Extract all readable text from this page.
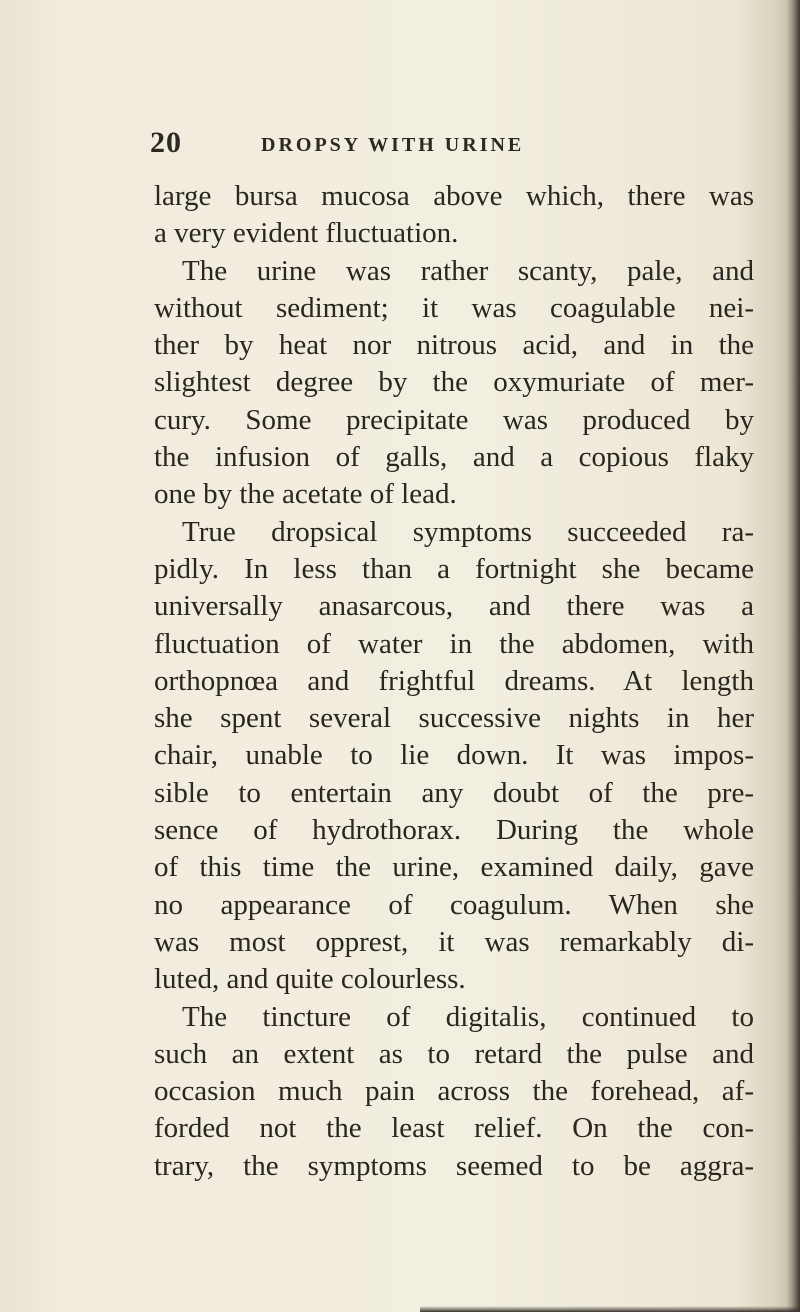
20	DROPSY WITH URINE
large bursa mucosa above which, there was
a very evident fluctuation.
The urine was rather scanty, pale, and
without sediment; it was coagulable nei-
ther by heat nor nitrous acid, and in the
slightest degree by the oxymuriate of mer-
cury. Some precipitate was produced by
the infusion of galls, and a copious flaky
one by the acetate of lead.
True dropsical symptoms succeeded ra-
pidly. In less than a fortnight she became
universally anasarcous, and there was a
fluctuation of water in the abdomen, with
orthopnœa and frightful dreams. At length
she spent several successive nights in her
chair, unable to lie down. It was impos-
sible to entertain any doubt of the pre-
sence of hydrothorax. During the whole
of this time the urine, examined daily, gave
no appearance of coagulum. When she
was most opprest, it was remarkably di-
luted, and quite colourless.
The tincture of digitalis, continued to
such an extent as to retard the pulse and
occasion much pain across the forehead, af-
forded not the least relief. On the con-
trary, the symptoms seemed to be aggra-
